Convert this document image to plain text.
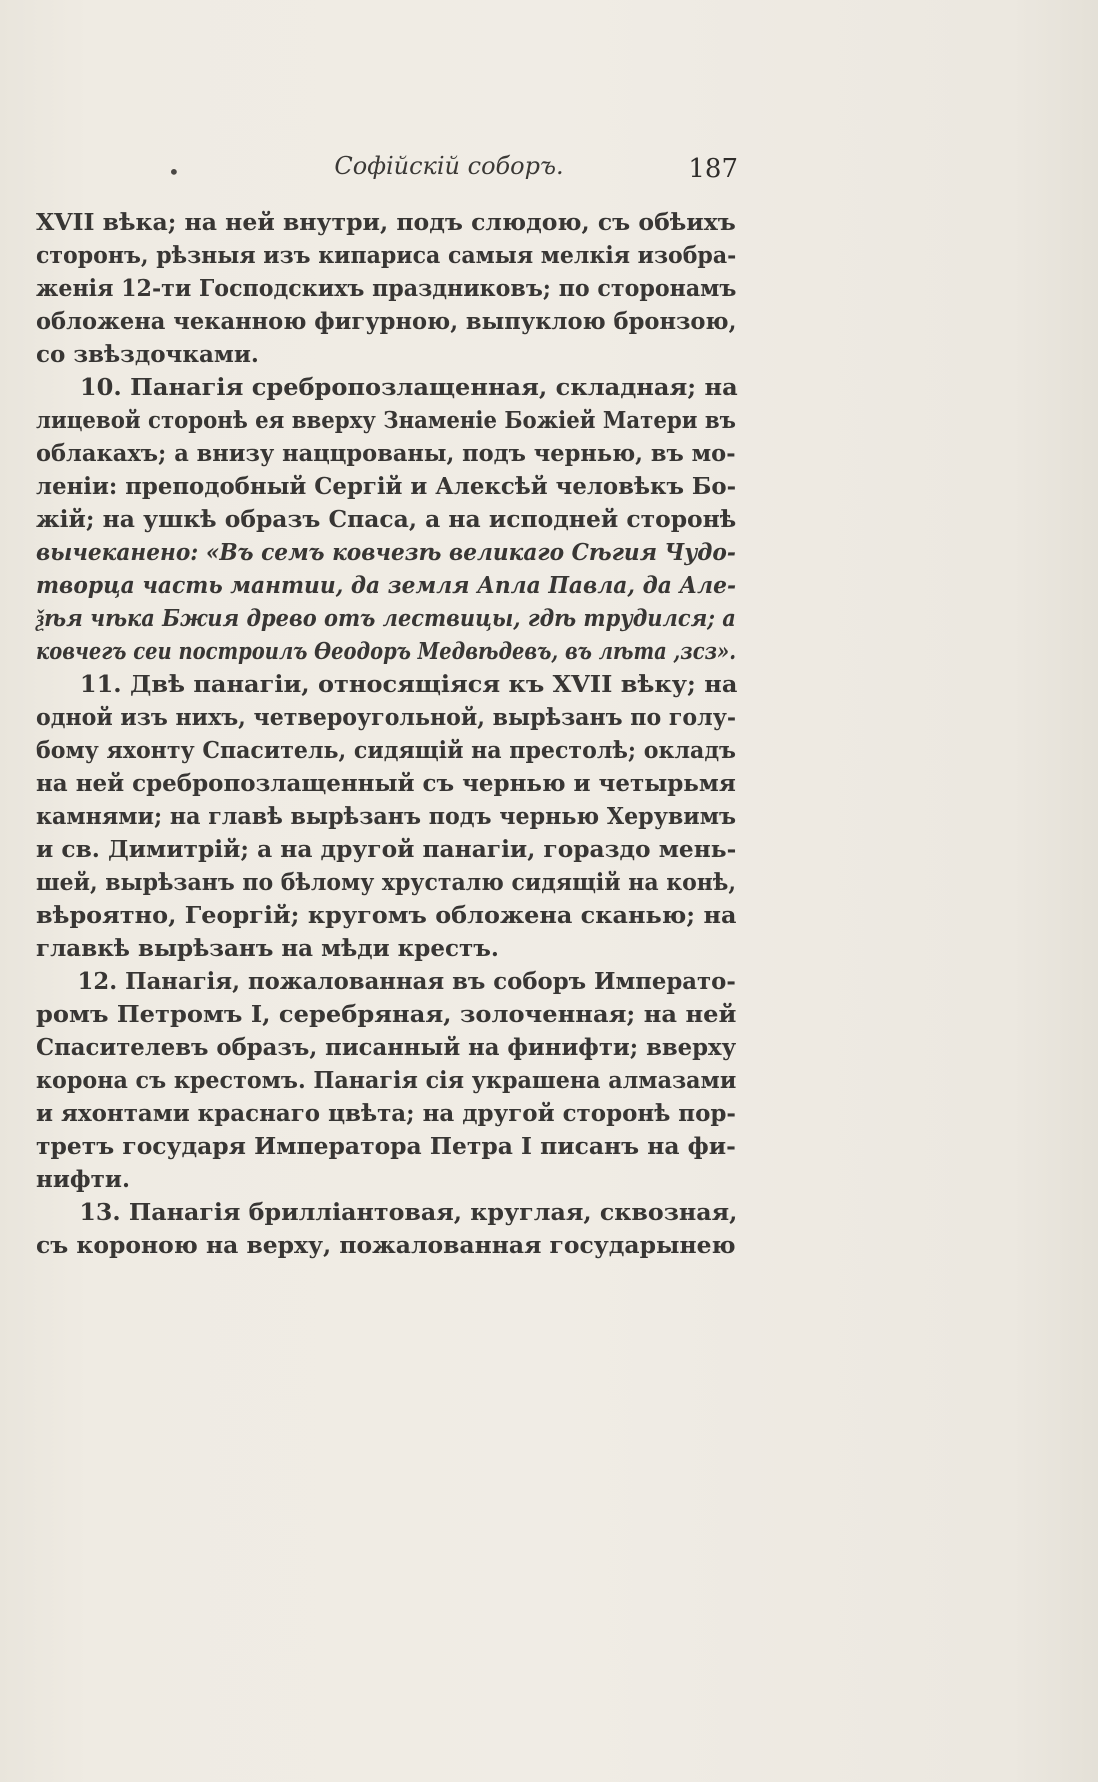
•	Софійскій соборъ.	187
XVII вѣка; на ней внутри, подъ слюдою, съ обѣихъ
сторонъ, рѣзныя изъ кипариса самыя мелкія изобра-
женія 12-ти Господскихъ праздниковъ; по сторонамъ
обложена чеканною фигурною, выпуклою бронзою,
со звѣздочками.
10. Панагія сребропозлащенная, складная; на
лицевой сторонѣ ея вверху Знаменіе Божіей Матери въ
облакахъ; а внизу наццрованы, подъ чернью, въ мо-
леніи: преподобный Сергій и Алексѣй человѣкъ Бо-
жій; на ушкѣ образъ Спаса, а на исподней сторонѣ
вычеканено: «Въ семъ ковчезѣ великаго Сѣгия Чудо-
творца часть мантии, да земля Апла Павла, да Але-
ѯѣя чѣка Бжия древо отъ лествицы, гдѣ трудился; а
ковчегъ сеи построилъ Ѳеодоръ Медвѣдевъ, въ лѣта ,зсз».
11. Двѣ панагіи, относящіяся къ XVII вѣку; на
одной изъ нихъ, четвероугольной, вырѣзанъ по голу-
бому яхонту Спаситель, сидящій на престолѣ; окладъ
на ней сребропозлащенный съ чернью и четырьмя
камнями; на главѣ вырѣзанъ подъ чернью Херувимъ
и св. Димитрій; а на другой панагіи, гораздо мень-
шей, вырѣзанъ по бѣлому хрусталю сидящій на конѣ,
вѣроятно, Георгій; кругомъ обложена сканью; на
главкѣ вырѣзанъ на мѣди крестъ.
12. Панагія, пожалованная въ соборъ Императо-
ромъ Петромъ I, серебряная, золоченная; на ней
Спасителевъ образъ, писанный на финифти; вверху
корона съ крестомъ. Панагія сія украшена алмазами
и яхонтами краснаго цвѣта; на другой сторонѣ пор-
третъ государя Императора Петра I писанъ на фи-
нифти.
13. Панагія брилліантовая, круглая, сквозная,
съ короною на верху, пожалованная государынею
